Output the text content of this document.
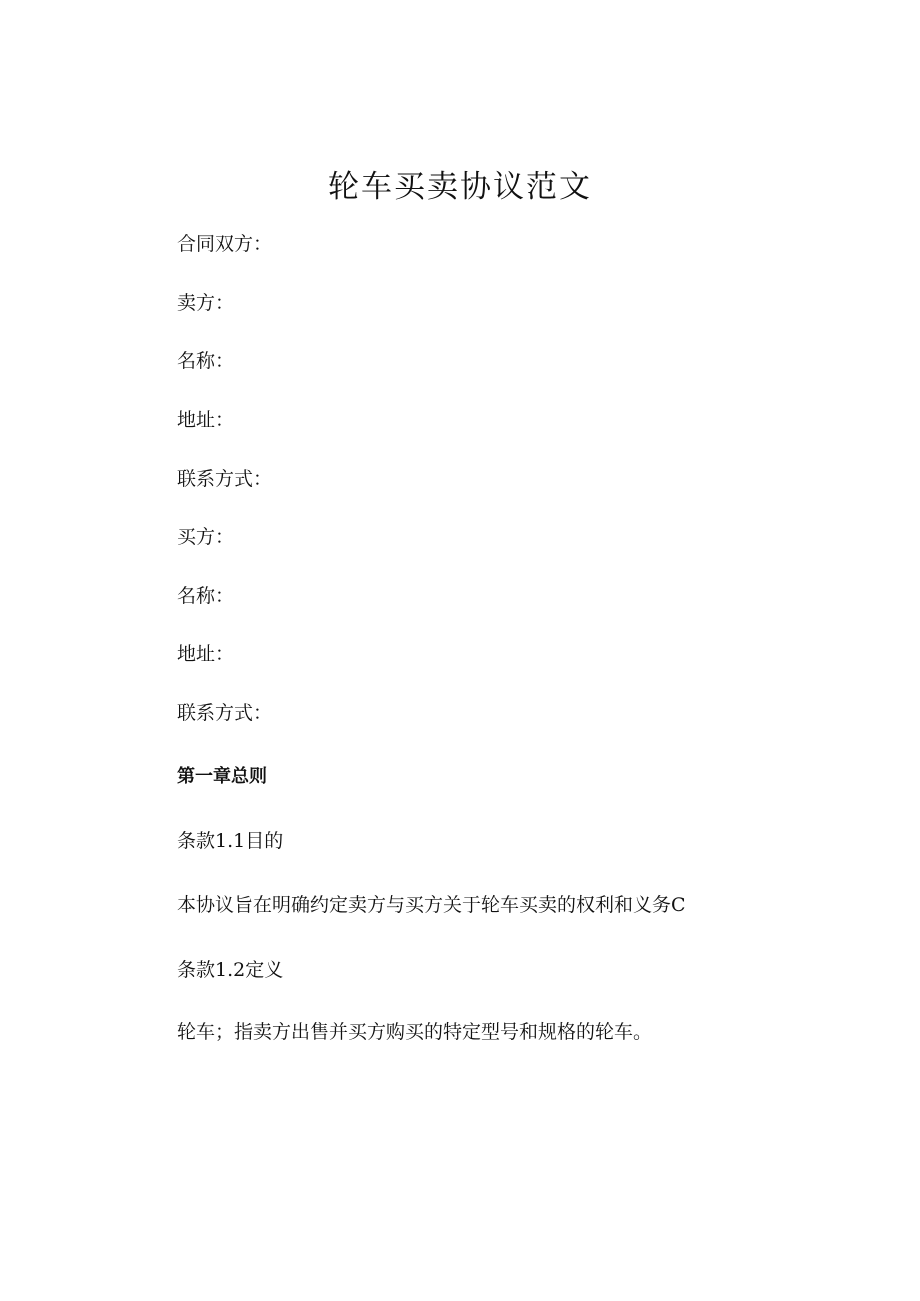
轮车买卖协议范文

合同双方：

卖方：

名称：

地址：

联系方式：

买方：

名称：

地址：

联系方式：

第一章总则

条款1.1目的

本协议旨在明确约定卖方与买方关于轮车买卖的权利和义务C

条款1.2定义

轮车；指卖方出售并买方购买的特定型号和规格的轮车。
